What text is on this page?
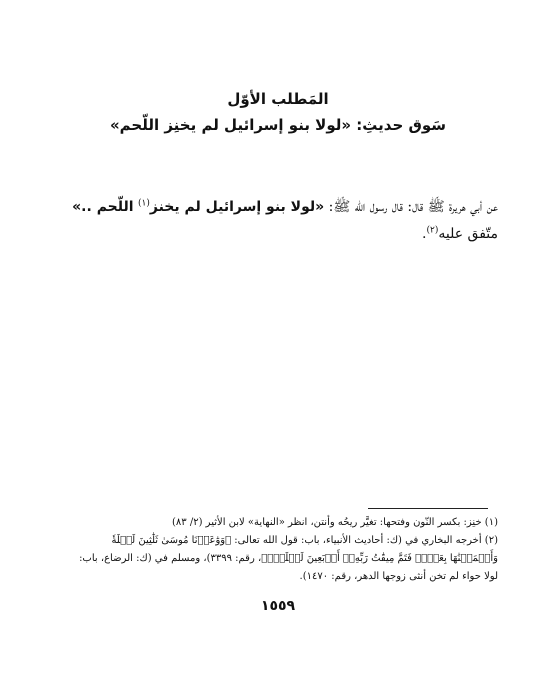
المَطلب الأوّل
سَوق حديثِ: «لولا بنو إسرائيل لم يخنِز اللّحم»
عن أبي هريرة ﷺ قال: قال رسول الله ﷺ: «لولا بنو إسرائيل لم يخنز$^{(١)}$ اللّحم ..» متّفق عليه$^{(٢)}$.

(١) خنِز: بكسر النّون وفتحها: تغيَّر ريحُه وأنتن، انظر «النهاية» لابن الأثير (٢/ ٨٣)

(٢) أخرجه البخاري في (ك: أحاديث الأنبياء، باب: قول الله تعالى: ﴿وَوَٰعَدۡنَا مُوسَىٰ ثَلَٰثِينَ لَيۡلَةٗ وَأَتۡمَمۡنَٰهَا بِعَشۡرٖ فَتَمَّ مِيقَٰتُ رَبِّهِۦٓ أَرۡبَعِينَ لَيۡلَةٗۚ﴾، رقم: ٣٣٩٩)، ومسلم في (ك: الرضاع، باب: لولا حواء لم تخن أنثى زوجها الدهر، رقم: ١٤٧٠).

١٥٥٩
